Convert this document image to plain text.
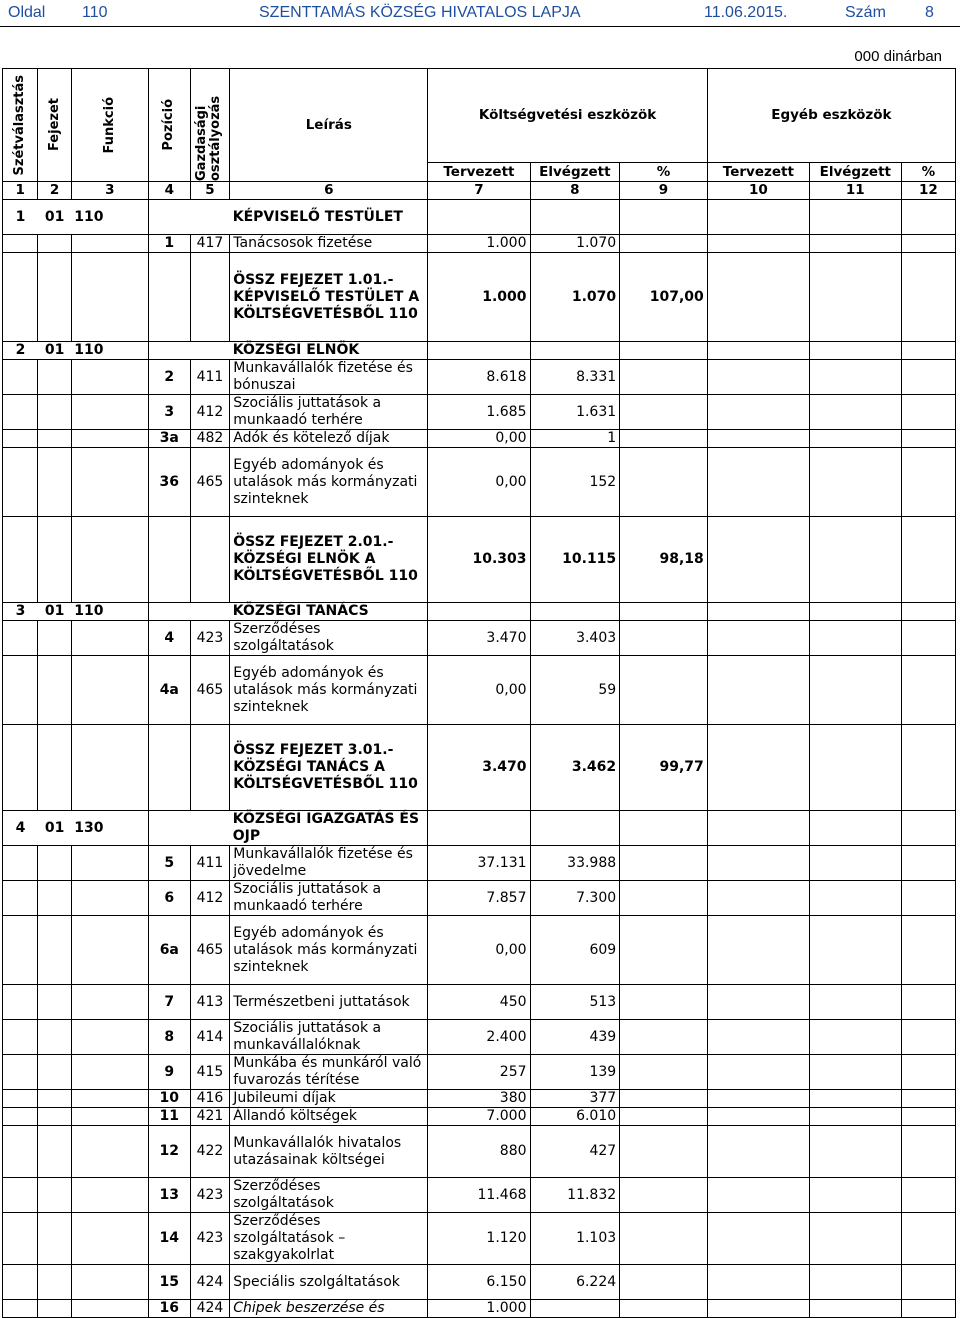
Oldal 110	SZENTTAMÁS KÖZSÉG HIVATALOS LAPJA	11.06.2015.	Szám 8
000 dinárban
Szétválasztás	Fejezet	Funkció	Pozíció	Gazdasági osztályozás	Leírás	Költségvetési eszközök			Egyéb eszközök		
						Tervezett	Elvégzett	%	Tervezett	Elvégzett	%
1	2	3	4	5	6	7	8	9	10	11	12
1	01	110			KÉPVISELŐ TESTÜLET						
			1	417	Tanácsosok fizetése	1.000	1.070				
					ÖSSZ FEJEZET 1.01.- KÉPVISELŐ TESTÜLET A KÖLTSÉGVETÉSBŐL 110	1.000	1.070	107,00			
2	01	110			KÖZSÉGI ELNÖK						
			2	411	Munkavállalók fizetése és bónuszai	8.618	8.331				
			3	412	Szociális juttatások a munkaadó terhére	1.685	1.631				
			3a	482	Adók és kötelező díjak	0,00	1				
			36	465	Egyéb adományok és utalások más kormányzati szinteknek	0,00	152				
					ÖSSZ FEJEZET 2.01.- KÖZSÉGI ELNÖK A KÖLTSÉGVETÉSBŐL 110	10.303	10.115	98,18			
3	01	110			KÖZSÉGI TANÁCS						
			4	423	Szerződéses szolgáltatások	3.470	3.403				
			4a	465	Egyéb adományok és utalások más kormányzati szinteknek	0,00	59				
					ÖSSZ FEJEZET 3.01.- KÖZSÉGI TANÁCS A KÖLTSÉGVETÉSBŐL 110	3.470	3.462	99,77			
4	01	130			KÖZSÉGI IGAZGATÁS ÉS OJP						
			5	411	Munkavállalók fizetése és jövedelme	37.131	33.988				
			6	412	Szociális juttatások a munkaadó terhére	7.857	7.300				
			6a	465	Egyéb adományok és utalások más kormányzati szinteknek	0,00	609				
			7	413	Természetbeni juttatások	450	513				
			8	414	Szociális juttatások a munkavállalóknak	2.400	439				
			9	415	Munkába és munkáról való fuvarozás térítése	257	139				
			10	416	Jubileumi díjak	380	377				
			11	421	Állandó költségek	7.000	6.010				
			12	422	Munkavállalók hivatalos utazásainak költségei	880	427				
			13	423	Szerződéses szolgáltatások	11.468	11.832				
			14	423	Szerződéses szolgáltatások – szakgyakolrlat	1.120	1.103				
			15	424	Speciális szolgáltatások	6.150	6.224				
			16	424	Chipek beszerzése és	1.000					
